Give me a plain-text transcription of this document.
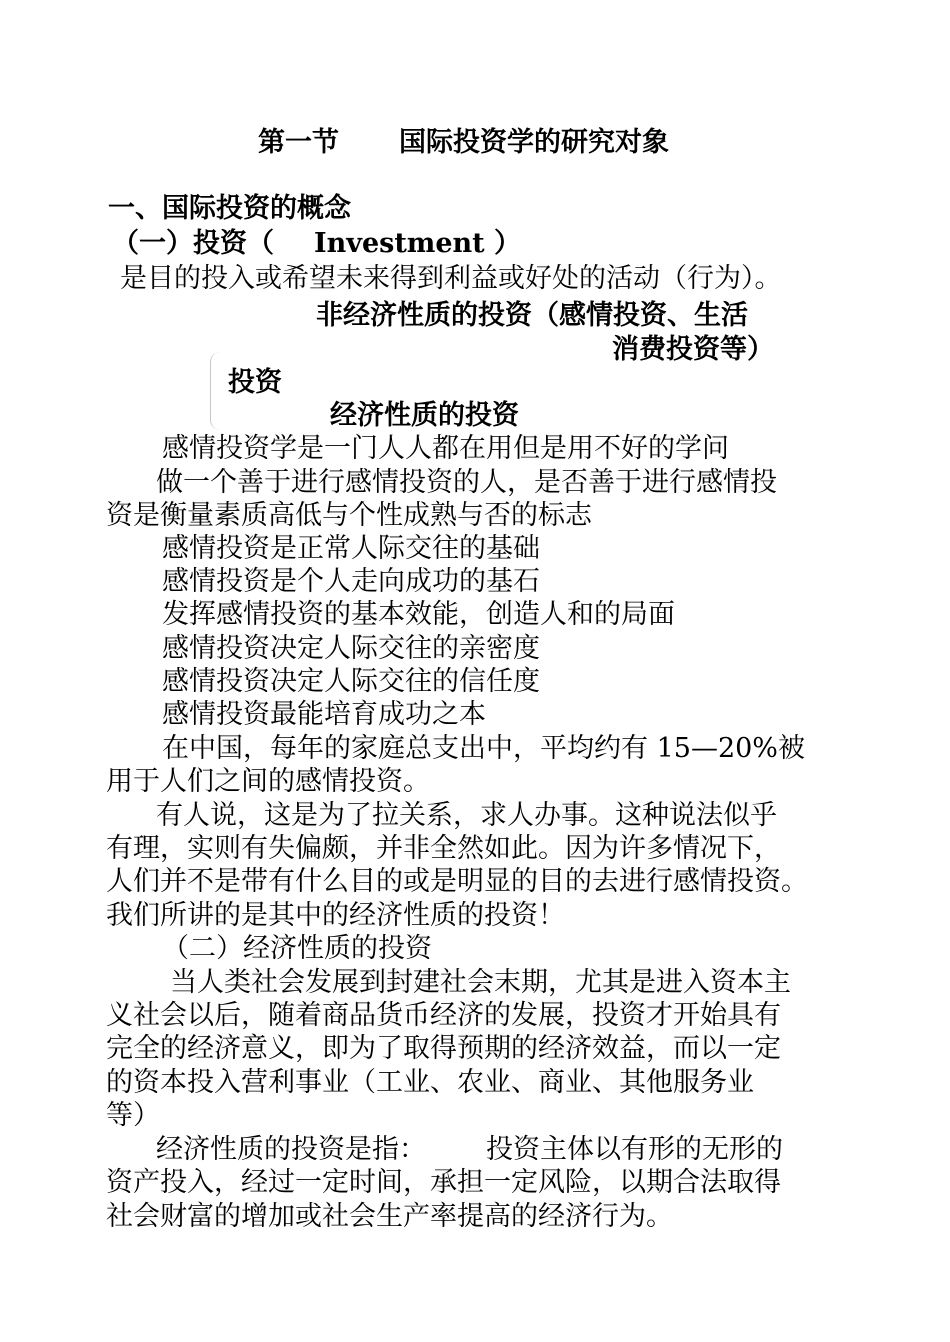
第一节 国际投资学的研究对象
一、国际投资的概念
（一）投资（ Investment ）
是目的投入或希望未来得到利益或好处的活动（行为）。
非经济性质的投资（感情投资、生活
消费投资等）
投资
经济性质的投资
感情投资学是一门人人都在用但是用不好的学问
做一个善于进行感情投资的人，是否善于进行感情投
资是衡量素质高低与个性成熟与否的标志
感情投资是正常人际交往的基础
感情投资是个人走向成功的基石
发挥感情投资的基本效能，创造人和的局面
感情投资决定人际交往的亲密度
感情投资决定人际交往的信任度
感情投资最能培育成功之本
在中国，每年的家庭总支出中，平均约有 15—20%被
用于人们之间的感情投资。
有人说，这是为了拉关系，求人办事。这种说法似乎
有理，实则有失偏颇，并非全然如此。因为许多情况下，
人们并不是带有什么目的或是明显的目的去进行感情投资。
我们所讲的是其中的经济性质的投资！
（二）经济性质的投资
当人类社会发展到封建社会末期，尤其是进入资本主
义社会以后，随着商品货币经济的发展，投资才开始具有
完全的经济意义，即为了取得预期的经济效益，而以一定
的资本投入营利事业（工业、农业、商业、其他服务业
等）
经济性质的投资是指： 投资主体以有形的无形的
资产投入，经过一定时间，承担一定风险，以期合法取得
社会财富的增加或社会生产率提高的经济行为。
